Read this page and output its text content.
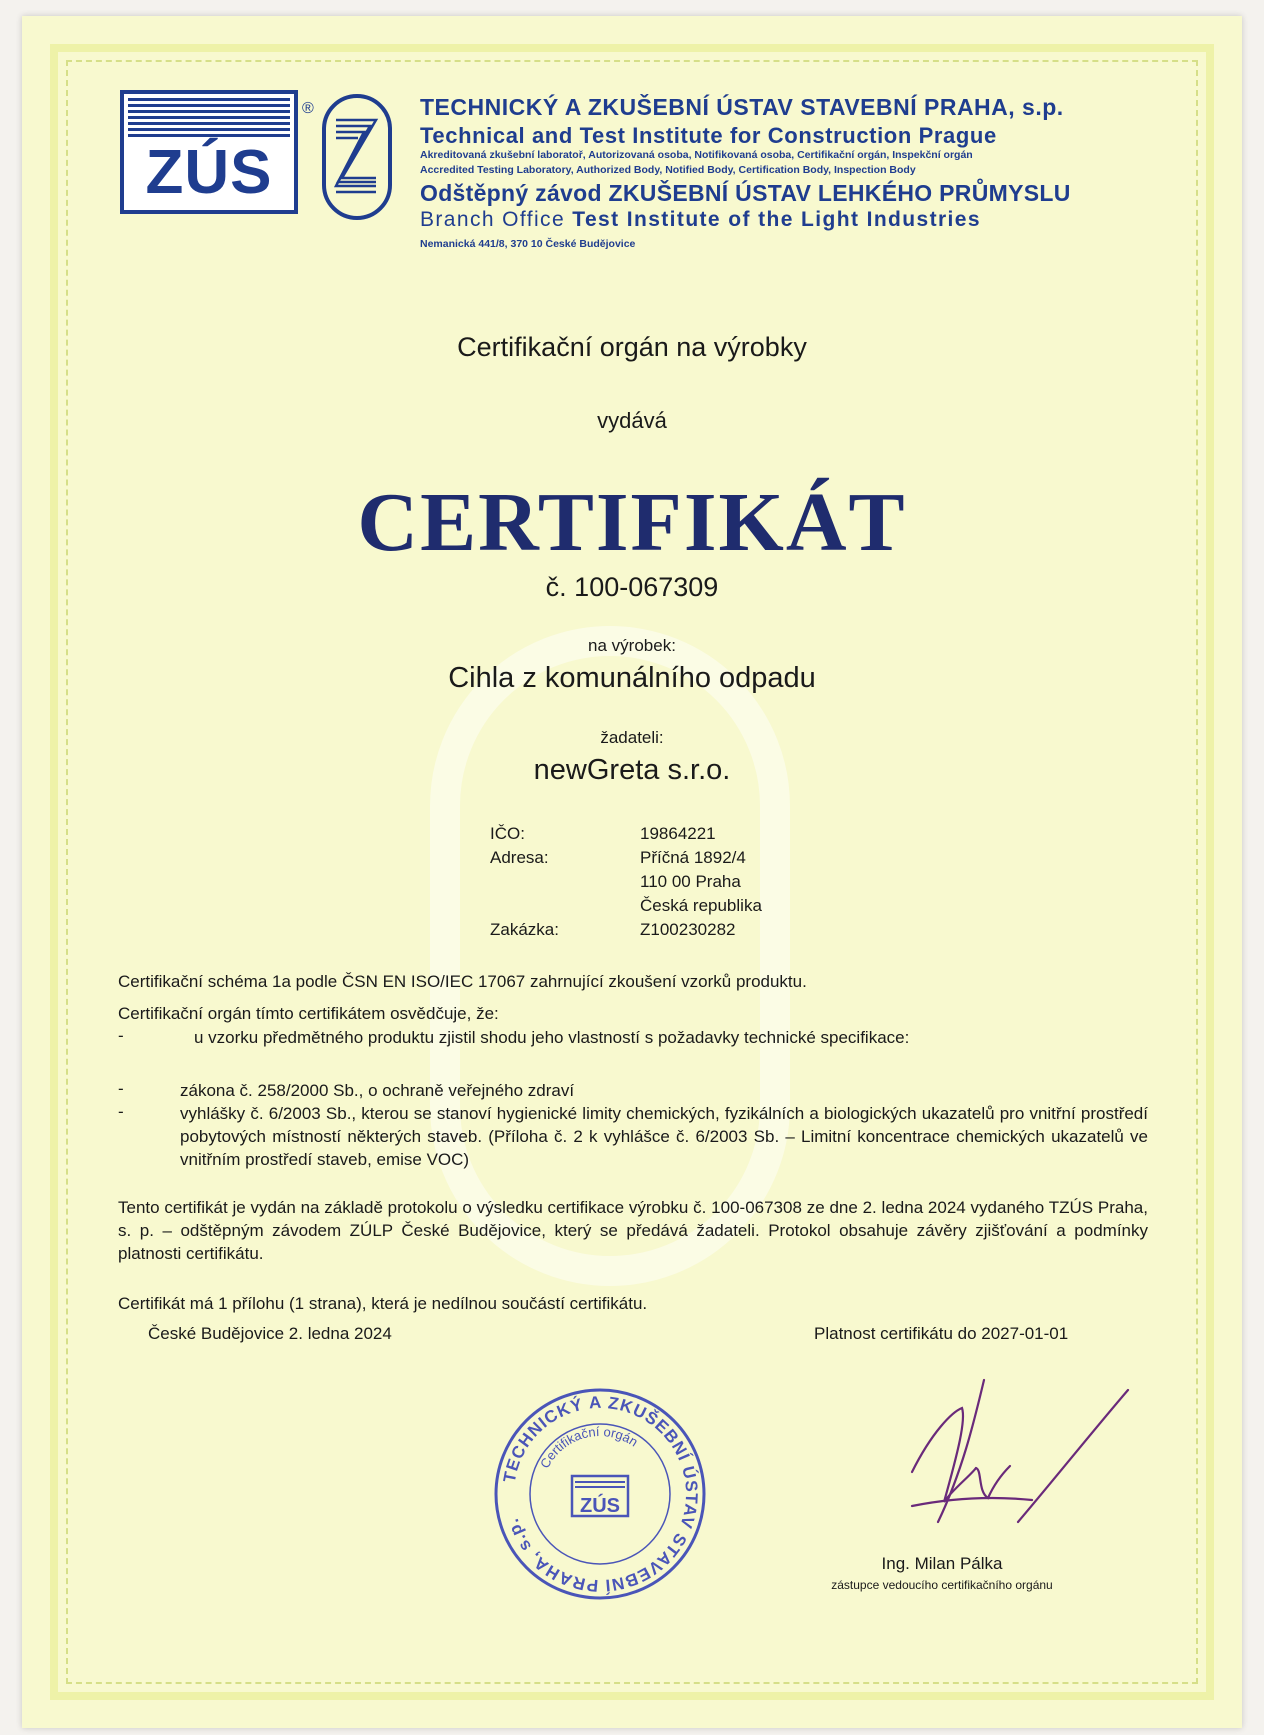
ZÚS
®	TECHNICKÝ A ZKUŠEBNÍ ÚSTAV STAVEBNÍ PRAHA, s.p.
Technical and Test Institute for Construction Prague
Akreditovaná zkušební laboratoř, Autorizovaná osoba, Notifikovaná osoba, Certifikační orgán, Inspekční orgán
Accredited Testing Laboratory, Authorized Body, Notified Body, Certification Body, Inspection Body
Odštěpný závod ZKUŠEBNÍ ÚSTAV LEHKÉHO PRŮMYSLU
Branch Office Test Institute of the Light Industries
Nemanická 441/8, 370 10 České Budějovice
Certifikační orgán na výrobky
vydává
CERTIFIKÁT
č. 100-067309
na výrobek:
Cihla z komunálního odpadu
žadateli:
newGreta s.r.o.
IČO:	19864221
Adresa:	Příčná 1892/4
110 00 Praha
Česká republika
Zakázka:	Z100230282
Certifikační schéma 1a podle ČSN EN ISO/IEC 17067 zahrnující zkoušení vzorků produktu.
Certifikační orgán tímto certifikátem osvědčuje, že:
-	u vzorku předmětného produktu zjistil shodu jeho vlastností s požadavky technické specifikace:
-	zákona č. 258/2000 Sb., o ochraně veřejného zdraví
-	vyhlášky č. 6/2003 Sb., kterou se stanoví hygienické limity chemických, fyzikálních a biologických ukazatelů pro vnitřní prostředí pobytových místností některých staveb. (Příloha č. 2 k vyhlášce č. 6/2003 Sb. – Limitní koncentrace chemických ukazatelů ve vnitřním prostředí staveb, emise VOC)
Tento certifikát je vydán na základě protokolu o výsledku certifikace výrobku č. 100-067308 ze dne 2. ledna 2024 vydaného TZÚS Praha, s. p. – odštěpným závodem ZÚLP České Budějovice, který se předává žadateli. Protokol obsahuje závěry zjišťování a podmínky platnosti certifikátu.
Certifikát má 1 přílohu (1 strana), která je nedílnou součástí certifikátu.
České Budějovice 2. ledna 2024	Platnost certifikátu do 2027-01-01
TECHNICKÝ A ZKUŠEBNÍ ÚSTAV STAVEBNÍ PRAHA, s.p.
Certifikační orgán
ZÚS
Ing. Milan Pálka
zástupce vedoucího certifikačního orgánu
